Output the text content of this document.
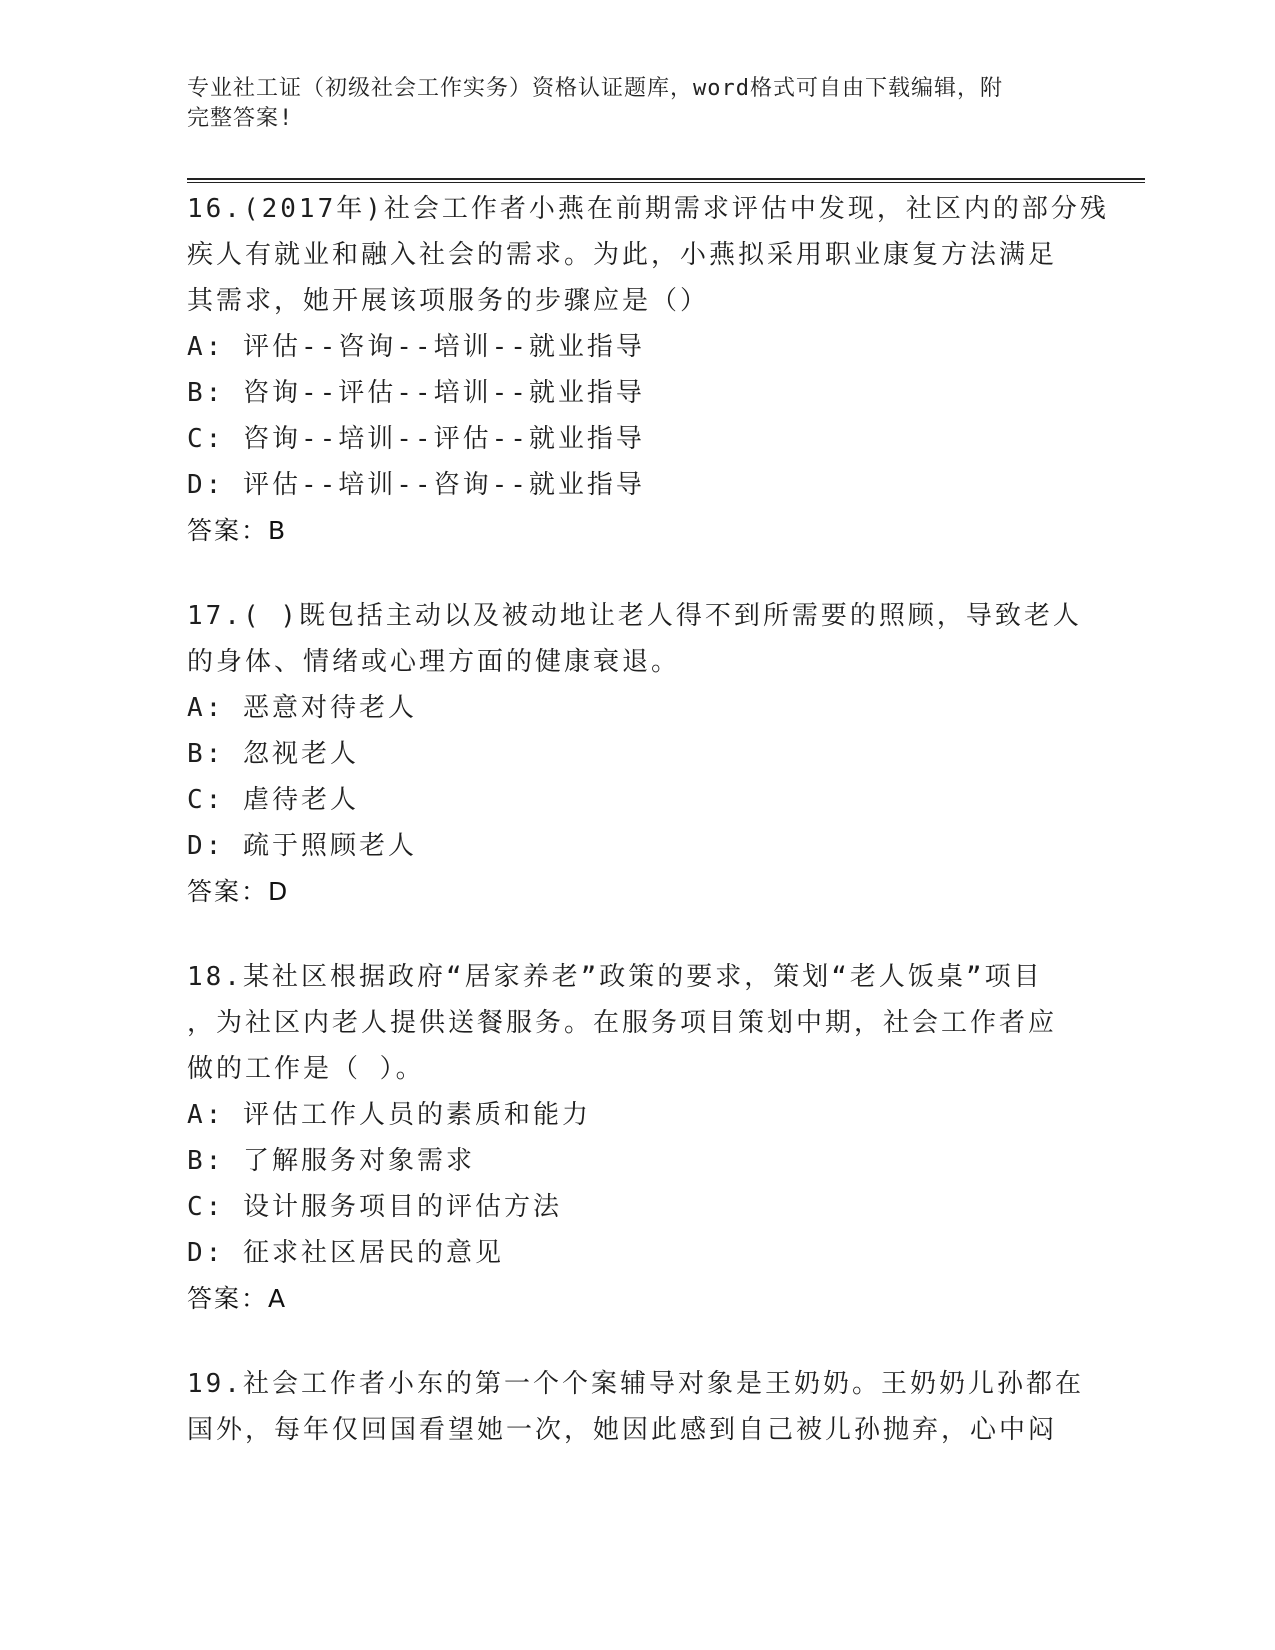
专业社工证（初级社会工作实务）资格认证题库，word格式可自由下载编辑，附

完整答案!

16.(2017年)社会工作者小燕在前期需求评估中发现，社区内的部分残
疾人有就业和融入社会的需求。为此，小燕拟采用职业康复方法满足
其需求，她开展该项服务的步骤应是（）
A: 评估--咨询--培训--就业指导
B: 咨询--评估--培训--就业指导
C: 咨询--培训--评估--就业指导
D: 评估--培训--咨询--就业指导
答案：B
17.( )既包括主动以及被动地让老人得不到所需要的照顾，导致老人
的身体、情绪或心理方面的健康衰退。
A: 恶意对待老人
B: 忽视老人
C: 虐待老人
D: 疏于照顾老人
答案：D
18.某社区根据政府“居家养老”政策的要求，策划“老人饭桌”项目
，为社区内老人提供送餐服务。在服务项目策划中期，社会工作者应
做的工作是（ ）。
A: 评估工作人员的素质和能力
B: 了解服务对象需求
C: 设计服务项目的评估方法
D: 征求社区居民的意见
答案：A
19.社会工作者小东的第一个个案辅导对象是王奶奶。王奶奶儿孙都在
国外，每年仅回国看望她一次，她因此感到自己被儿孙抛弃，心中闷
